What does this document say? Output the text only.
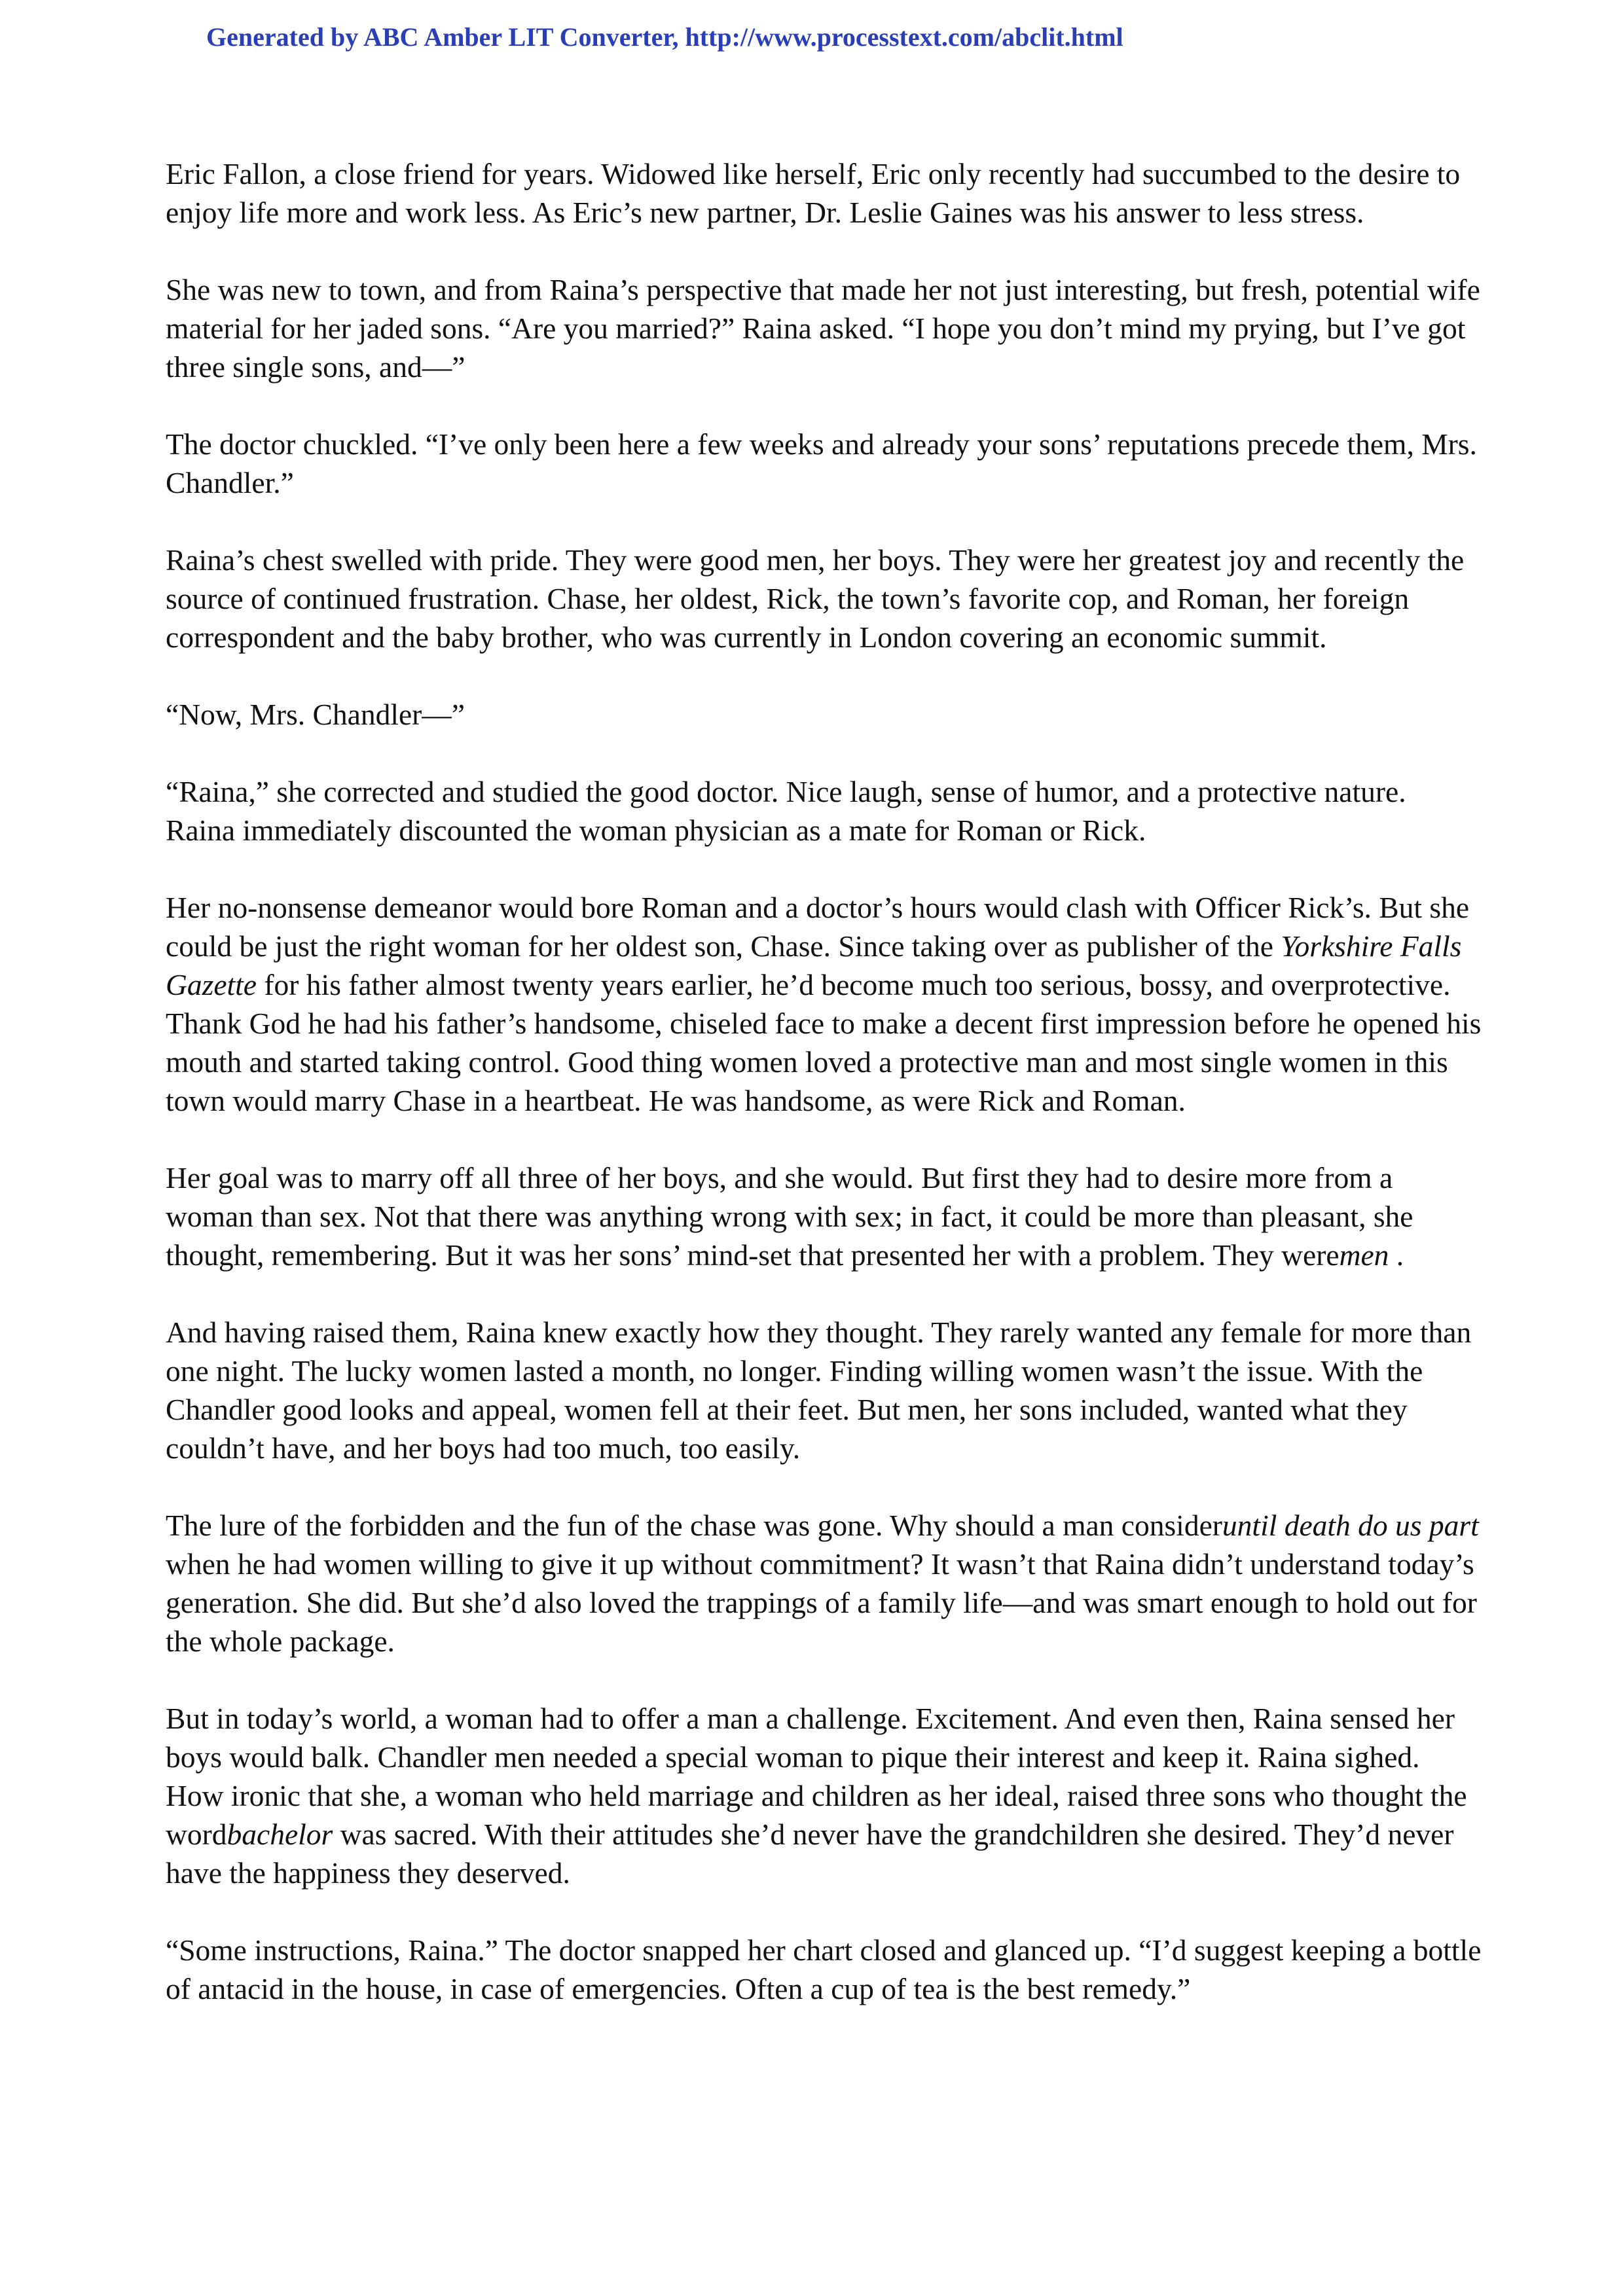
Generated by ABC Amber LIT Converter, http://www.processtext.com/abclit.html

Eric Fallon, a close friend for years. Widowed like herself, Eric only recently had succumbed to the desire to enjoy life more and work less. As Eric’s new partner, Dr. Leslie Gaines was his answer to less stress.

She was new to town, and from Raina’s perspective that made her not just interesting, but fresh, potential wife material for her jaded sons. “Are you married?” Raina asked. “I hope you don’t mind my prying, but I’ve got three single sons, and—”

The doctor chuckled. “I’ve only been here a few weeks and already your sons’ reputations precede them, Mrs. Chandler.”

Raina’s chest swelled with pride. They were good men, her boys. They were her greatest joy and recently the source of continued frustration. Chase, her oldest, Rick, the town’s favorite cop, and Roman, her foreign correspondent and the baby brother, who was currently in London covering an economic summit.

“Now, Mrs. Chandler—”

“Raina,” she corrected and studied the good doctor. Nice laugh, sense of humor, and a protective nature. Raina immediately discounted the woman physician as a mate for Roman or Rick.

Her no-nonsense demeanor would bore Roman and a doctor’s hours would clash with Officer Rick’s. But she could be just the right woman for her oldest son, Chase. Since taking over as publisher of the Yorkshire Falls Gazette for his father almost twenty years earlier, he’d become much too serious, bossy, and overprotective. Thank God he had his father’s handsome, chiseled face to make a decent first impression before he opened his mouth and started taking control. Good thing women loved a protective man and most single women in this town would marry Chase in a heartbeat. He was handsome, as were Rick and Roman.

Her goal was to marry off all three of her boys, and she would. But first they had to desire more from a woman than sex. Not that there was anything wrong with sex; in fact, it could be more than pleasant, she thought, remembering. But it was her sons’ mind-set that presented her with a problem. They weremen .

And having raised them, Raina knew exactly how they thought. They rarely wanted any female for more than one night. The lucky women lasted a month, no longer. Finding willing women wasn’t the issue. With the Chandler good looks and appeal, women fell at their feet. But men, her sons included, wanted what they couldn’t have, and her boys had too much, too easily.

The lure of the forbidden and the fun of the chase was gone. Why should a man consideruntil death do us part when he had women willing to give it up without commitment? It wasn’t that Raina didn’t understand today’s generation. She did. But she’d also loved the trappings of a family life—and was smart enough to hold out for the whole package.

But in today’s world, a woman had to offer a man a challenge. Excitement. And even then, Raina sensed her boys would balk. Chandler men needed a special woman to pique their interest and keep it. Raina sighed. How ironic that she, a woman who held marriage and children as her ideal, raised three sons who thought the wordbachelor was sacred. With their attitudes she’d never have the grandchildren she desired. They’d never have the happiness they deserved.

“Some instructions, Raina.” The doctor snapped her chart closed and glanced up. “I’d suggest keeping a bottle of antacid in the house, in case of emergencies. Often a cup of tea is the best remedy.”
